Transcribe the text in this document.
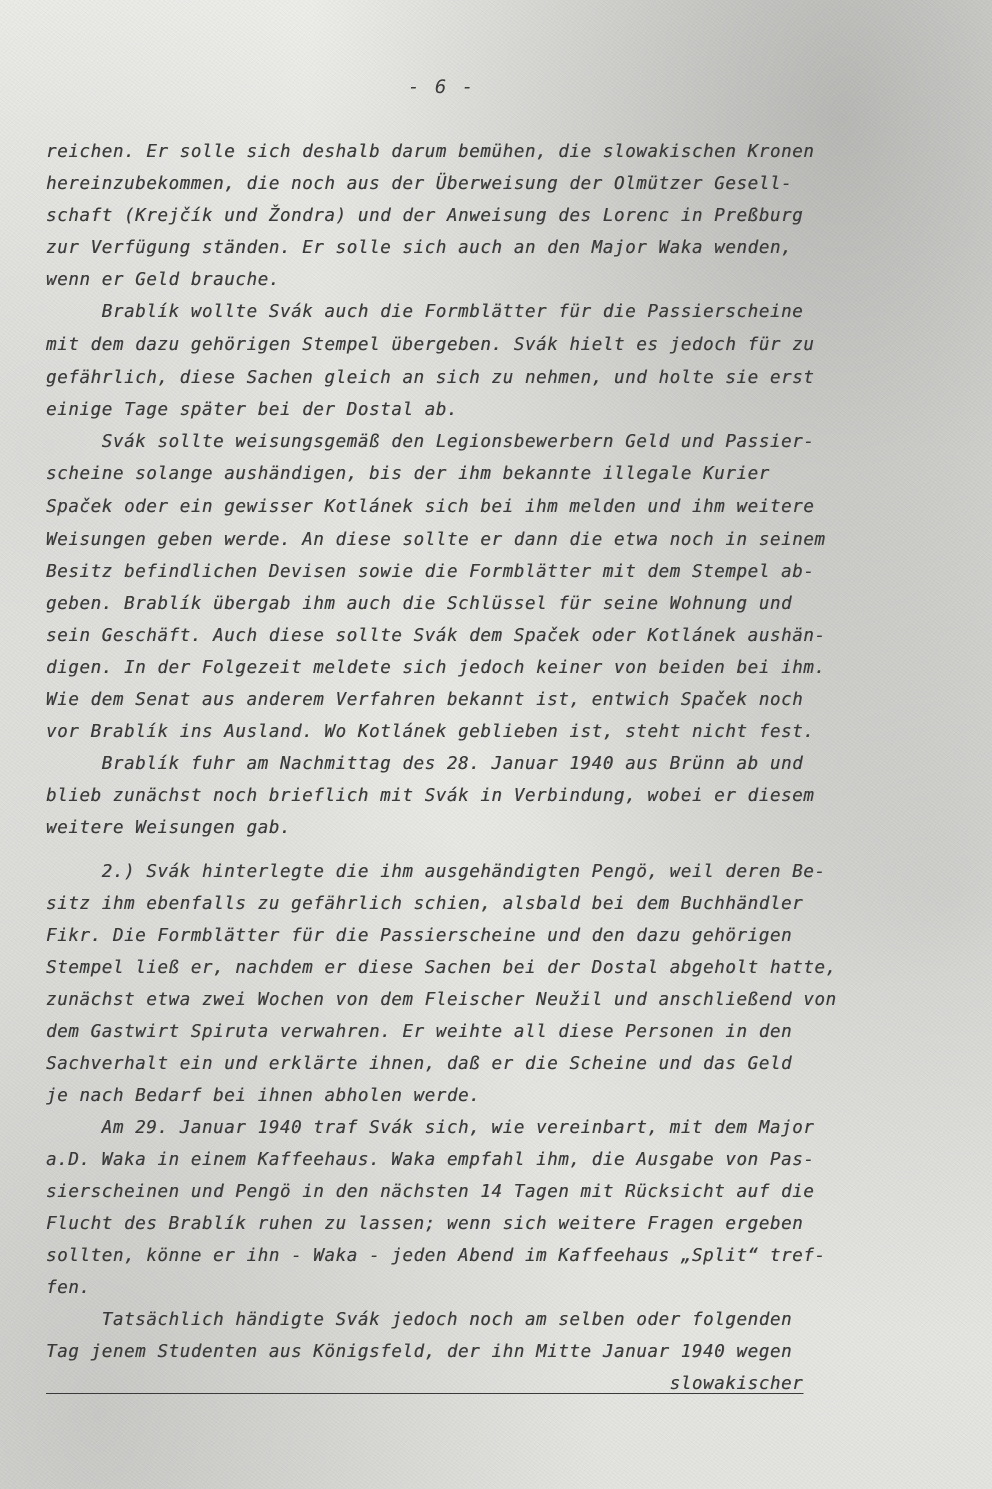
- 6 -
reichen. Er solle sich deshalb darum bemühen, die slowakischen Kronen
hereinzubekommen, die noch aus der Überweisung der Olmützer Gesell-
schaft (Krejčík und Žondra) und der Anweisung des Lorenc in Preßburg
zur Verfügung ständen. Er solle sich auch an den Major Waka wenden,
wenn er Geld brauche.
Brablík wollte Svák auch die Formblätter für die Passierscheine
mit dem dazu gehörigen Stempel übergeben. Svák hielt es jedoch für zu
gefährlich, diese Sachen gleich an sich zu nehmen, und holte sie erst
einige Tage später bei der Dostal ab.
Svák sollte weisungsgemäß den Legionsbewerbern Geld und Passier-
scheine solange aushändigen, bis der ihm bekannte illegale Kurier
Spaček oder ein gewisser Kotlánek sich bei ihm melden und ihm weitere
Weisungen geben werde. An diese sollte er dann die etwa noch in seinem
Besitz befindlichen Devisen sowie die Formblätter mit dem Stempel ab-
geben. Brablík übergab ihm auch die Schlüssel für seine Wohnung und
sein Geschäft. Auch diese sollte Svák dem Spaček oder Kotlánek aushän-
digen. In der Folgezeit meldete sich jedoch keiner von beiden bei ihm.
Wie dem Senat aus anderem Verfahren bekannt ist, entwich Spaček noch
vor Brablík ins Ausland. Wo Kotlánek geblieben ist, steht nicht fest.
Brablík fuhr am Nachmittag des 28. Januar 1940 aus Brünn ab und
blieb zunächst noch brieflich mit Svák in Verbindung, wobei er diesem
weitere Weisungen gab.
2.) Svák hinterlegte die ihm ausgehändigten Pengö, weil deren Be-
sitz ihm ebenfalls zu gefährlich schien, alsbald bei dem Buchhändler
Fikr. Die Formblätter für die Passierscheine und den dazu gehörigen
Stempel ließ er, nachdem er diese Sachen bei der Dostal abgeholt hatte,
zunächst etwa zwei Wochen von dem Fleischer Neužil und anschließend von
dem Gastwirt Spiruta verwahren. Er weihte all diese Personen in den
Sachverhalt ein und erklärte ihnen, daß er die Scheine und das Geld
je nach Bedarf bei ihnen abholen werde.
Am 29. Januar 1940 traf Svák sich, wie vereinbart, mit dem Major
a.D. Waka in einem Kaffeehaus. Waka empfahl ihm, die Ausgabe von Pas-
sierscheinen und Pengö in den nächsten 14 Tagen mit Rücksicht auf die
Flucht des Brablík ruhen zu lassen; wenn sich weitere Fragen ergeben
sollten, könne er ihn - Waka - jeden Abend im Kaffeehaus „Split“ tref-
fen.
Tatsächlich händigte Svák jedoch noch am selben oder folgenden
Tag jenem Studenten aus Königsfeld, der ihn Mitte Januar 1940 wegen
slowakischer
